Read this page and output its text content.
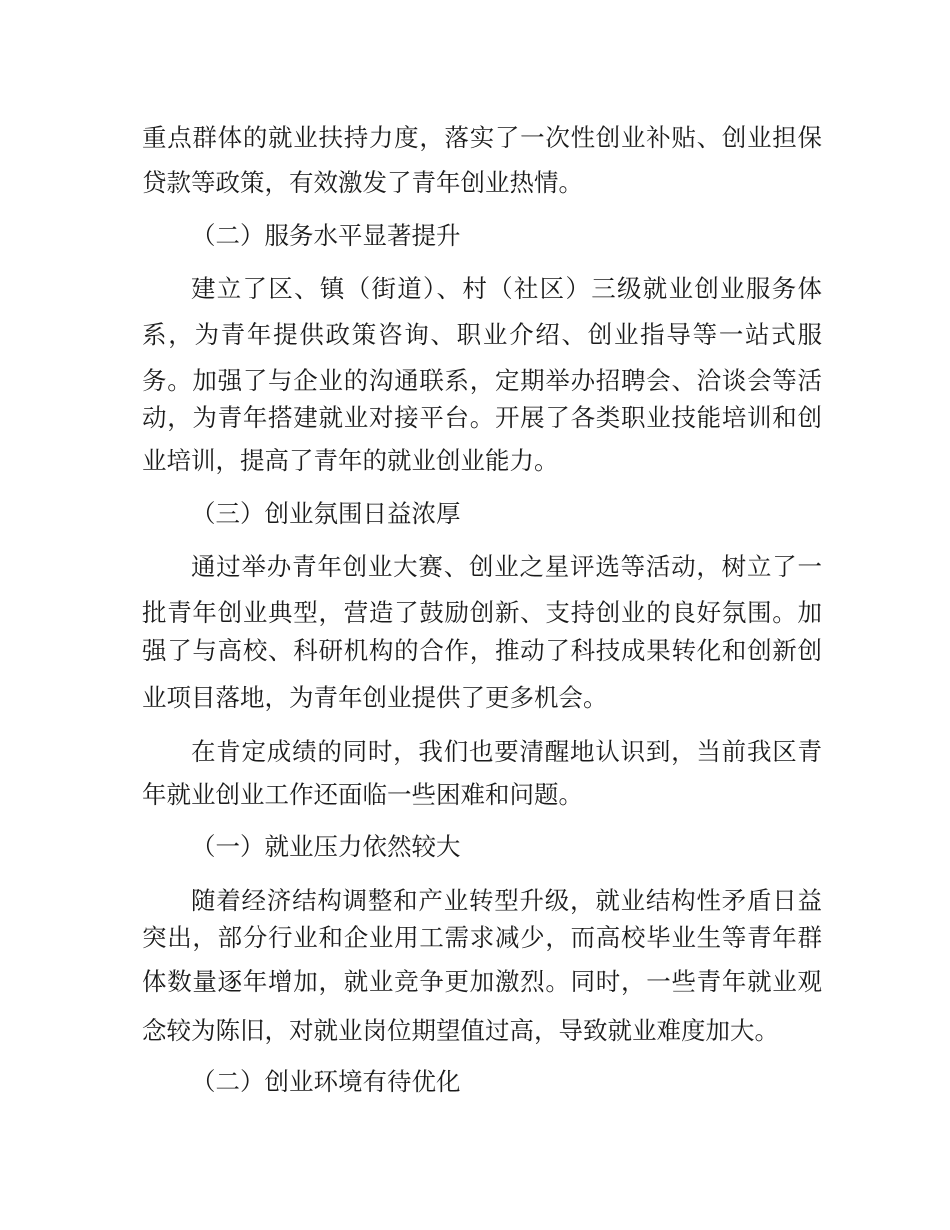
重点群体的就业扶持力度，落实了一次性创业补贴、创业担保
贷款等政策，有效激发了青年创业热情。
（二）服务水平显著提升
建立了区、镇（街道）、村（社区）三级就业创业服务体
系，为青年提供政策咨询、职业介绍、创业指导等一站式服
务。加强了与企业的沟通联系，定期举办招聘会、洽谈会等活
动，为青年搭建就业对接平台。开展了各类职业技能培训和创
业培训，提高了青年的就业创业能力。
（三）创业氛围日益浓厚
通过举办青年创业大赛、创业之星评选等活动，树立了一
批青年创业典型，营造了鼓励创新、支持创业的良好氛围。加
强了与高校、科研机构的合作，推动了科技成果转化和创新创
业项目落地，为青年创业提供了更多机会。
在肯定成绩的同时，我们也要清醒地认识到，当前我区青
年就业创业工作还面临一些困难和问题。
（一）就业压力依然较大
随着经济结构调整和产业转型升级，就业结构性矛盾日益
突出，部分行业和企业用工需求减少，而高校毕业生等青年群
体数量逐年增加，就业竞争更加激烈。同时，一些青年就业观
念较为陈旧，对就业岗位期望值过高，导致就业难度加大。
（二）创业环境有待优化
